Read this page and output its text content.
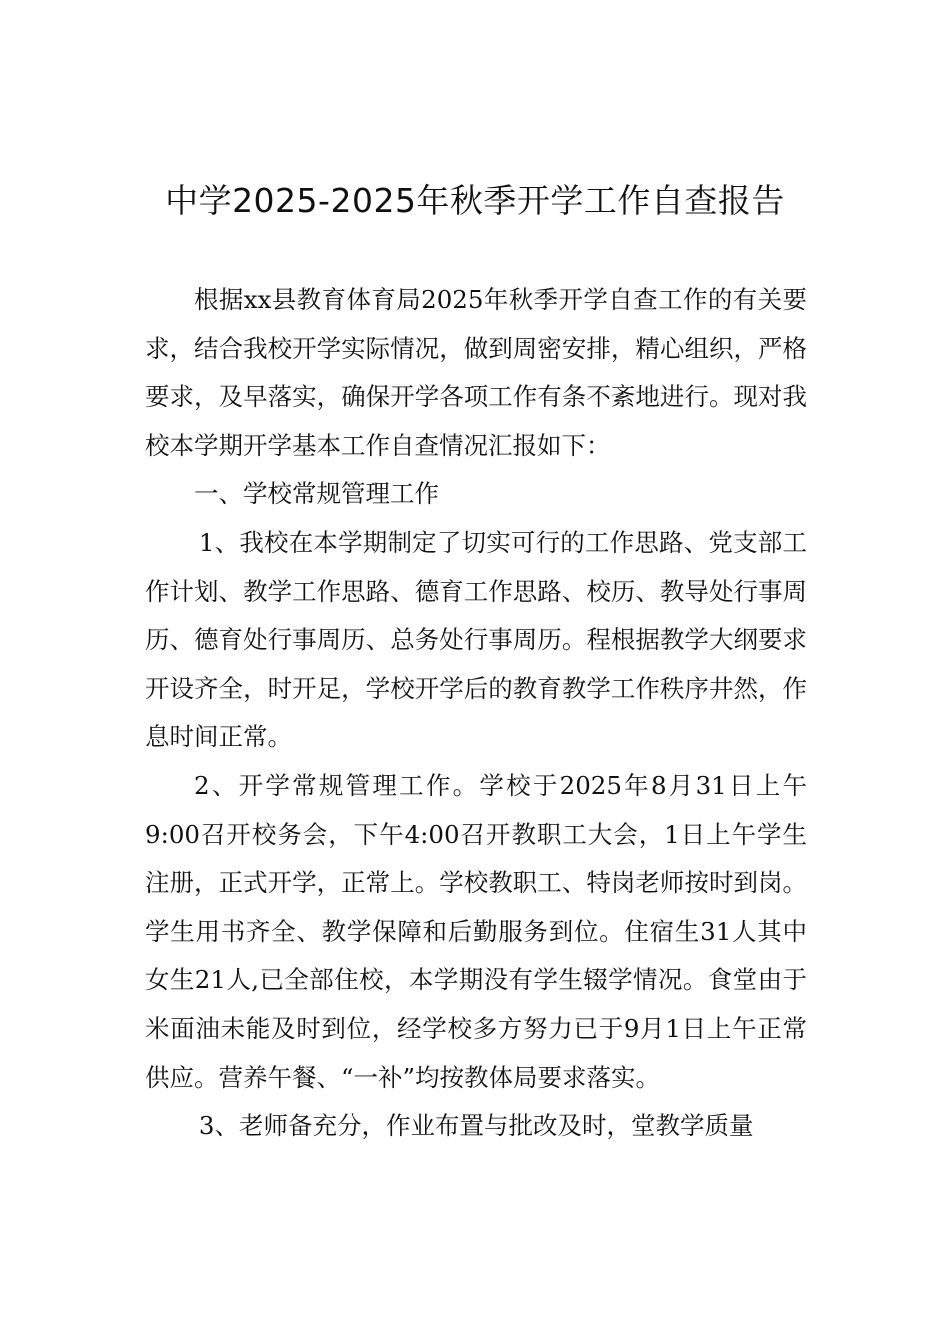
中学2025-2025年秋季开学工作自查报告

根据xx县教育体育局2025年秋季开学自查工作的有关要求，结合我校开学实际情况，做到周密安排，精心组织，严格要求，及早落实，确保开学各项工作有条不紊地进行。现对我校本学期开学基本工作自查情况汇报如下：

一、学校常规管理工作

1、我校在本学期制定了切实可行的工作思路、党支部工作计划、教学工作思路、德育工作思路、校历、教导处行事周历、德育处行事周历、总务处行事周历。程根据教学大纲要求开设齐全，时开足，学校开学后的教育教学工作秩序井然，作息时间正常。

2、开学常规管理工作。学校于2025年8月31日上午9:00召开校务会，下午4:00召开教职工大会，1日上午学生注册，正式开学，正常上。学校教职工、特岗老师按时到岗。学生用书齐全、教学保障和后勤服务到位。住宿生31人其中女生21人,已全部住校，本学期没有学生辍学情况。食堂由于米面油未能及时到位，经学校多方努力已于9月1日上午正常供应。营养午餐、“一补”均按教体局要求落实。

3、老师备充分，作业布置与批改及时，堂教学质量
